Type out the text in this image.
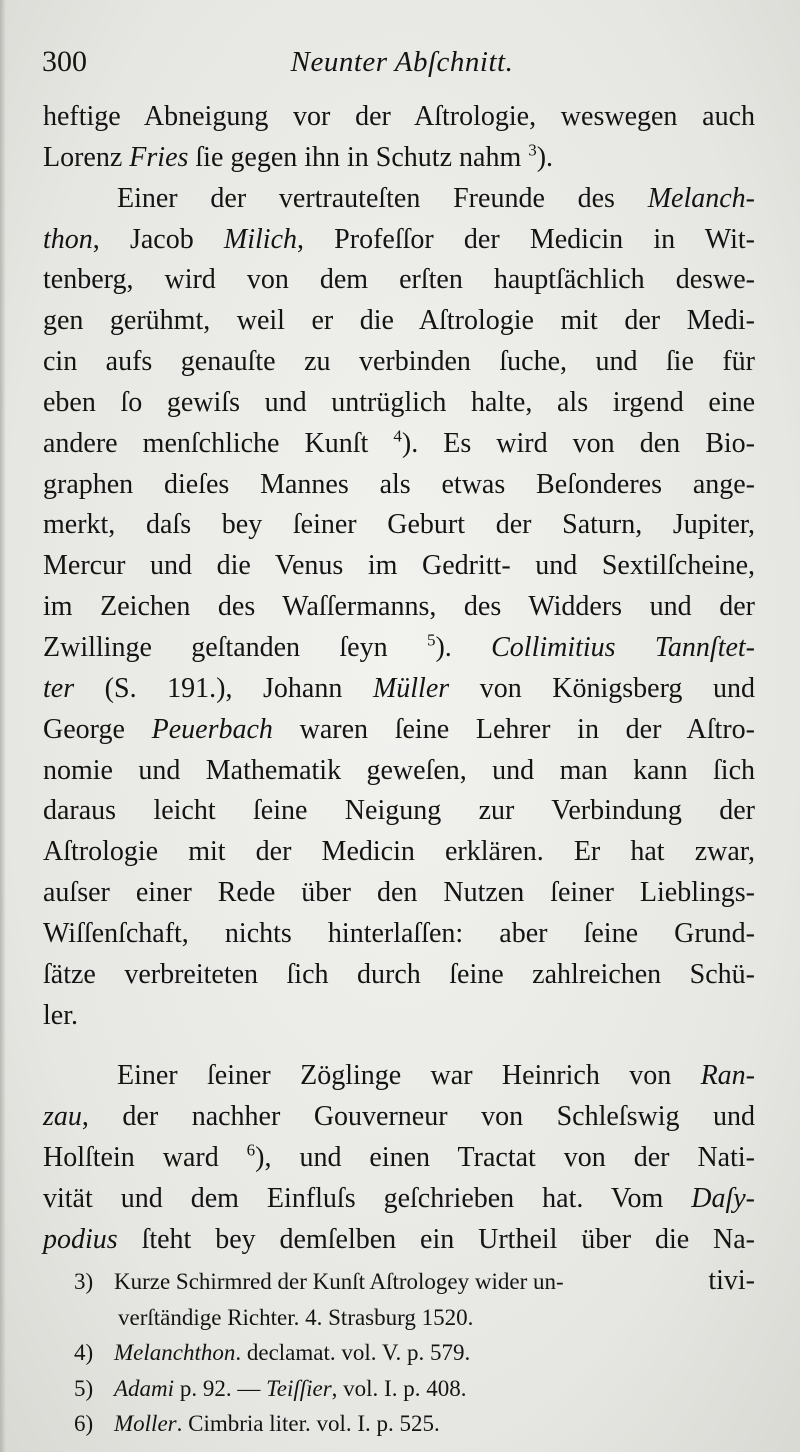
300	Neunter Abſchnitt.
heftige Abneigung vor der Aſtrologie, weswegen auch
Lorenz Fries ſie gegen ihn in Schutz nahm $^3$).
Einer der vertrauteſten Freunde des Melanch-
thon, Jacob Milich, Profeſſor der Medicin in Wit-
tenberg, wird von dem erſten hauptſächlich deswe-
gen gerühmt, weil er die Aſtrologie mit der Medi-
cin aufs genauſte zu verbinden ſuche, und ſie für
eben ſo gewiſs und untrüglich halte, als irgend eine
andere menſchliche Kunſt $^4$). Es wird von den Bio-
graphen dieſes Mannes als etwas Beſonderes ange-
merkt, daſs bey ſeiner Geburt der Saturn, Jupiter,
Mercur und die Venus im Gedritt- und Sextilſcheine,
im Zeichen des Waſſermanns, des Widders und der
Zwillinge geſtanden ſeyn $^5$). Collimitius Tannſtet-
ter (S. 191.), Johann Müller von Königsberg und
George Peuerbach waren ſeine Lehrer in der Aſtro-
nomie und Mathematik geweſen, und man kann ſich
daraus leicht ſeine Neigung zur Verbindung der
Aſtrologie mit der Medicin erklären. Er hat zwar,
auſser einer Rede über den Nutzen ſeiner Lieblings-
Wiſſenſchaft, nichts hinterlaſſen: aber ſeine Grund-
ſätze verbreiteten ſich durch ſeine zahlreichen Schü-
ler.
Einer ſeiner Zöglinge war Heinrich von Ran-
zau, der nachher Gouverneur von Schleſswig und
Holſtein ward $^6$), und einen Tractat von der Nati-
vität und dem Einfluſs geſchrieben hat. Vom Daſy-
podius ſteht bey demſelben ein Urtheil über die Na-
tivi-
3) Kurze Schirmred der Kunſt Aſtrologey wider un-
verſtändige Richter. 4. Strasburg 1520.
4) Melanchthon. declamat. vol. V. p. 579.
5) Adami p. 92. — Teiſſier, vol. I. p. 408.
6) Moller. Cimbria liter. vol. I. p. 525.
